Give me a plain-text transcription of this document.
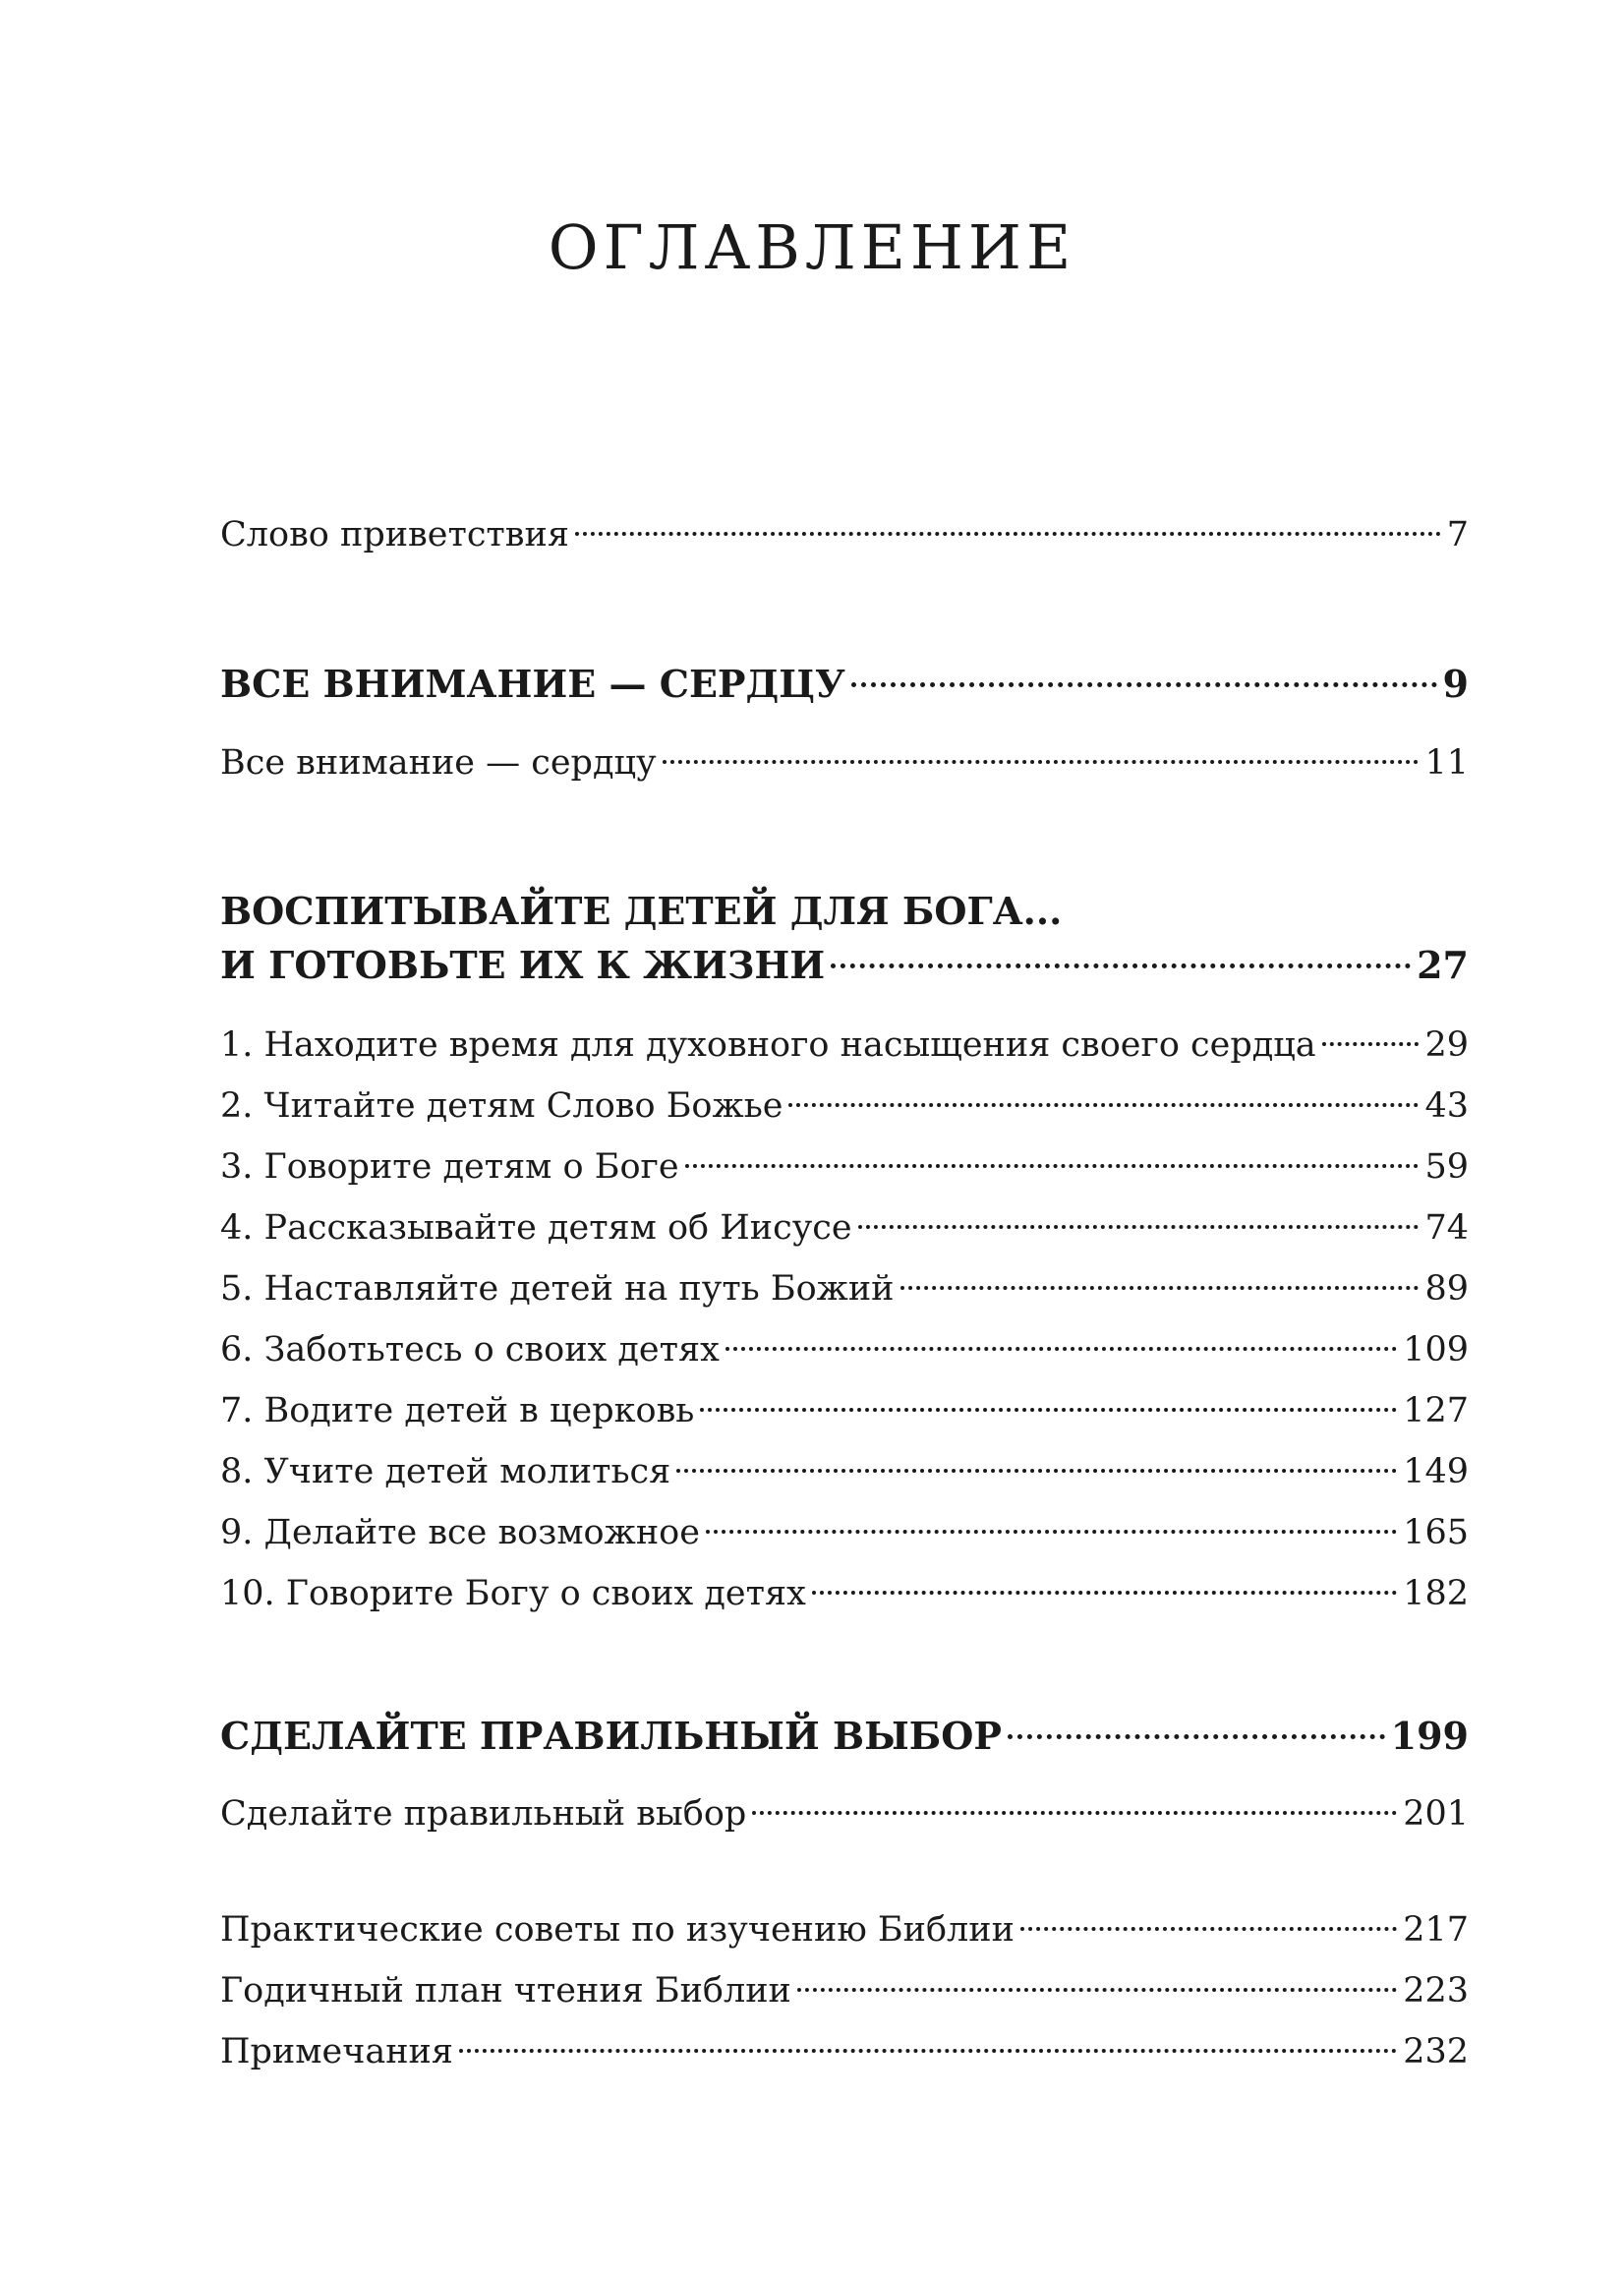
ОГЛАВЛЕНИЕ
Слово приветствия	7
ВСЕ ВНИМАНИЕ — СЕРДЦУ	9
Все внимание — сердцу	11
ВОСПИТЫВАЙТЕ ДЕТЕЙ ДЛЯ БОГА...
И ГОТОВЬТЕ ИХ К ЖИЗНИ	27
1. Находите время для духовного насыщения своего сердца	29
2. Читайте детям Слово Божье	43
3. Говорите детям о Боге	59
4. Рассказывайте детям об Иисусе	74
5. Наставляйте детей на путь Божий	89
6. Заботьтесь о своих детях	109
7. Водите детей в церковь	127
8. Учите детей молиться	149
9. Делайте все возможное	165
10. Говорите Богу о своих детях	182
СДЕЛАЙТЕ ПРАВИЛЬНЫЙ ВЫБОР	199
Сделайте правильный выбор	201
Практические советы по изучению Библии	217
Годичный план чтения Библии	223
Примечания	232
